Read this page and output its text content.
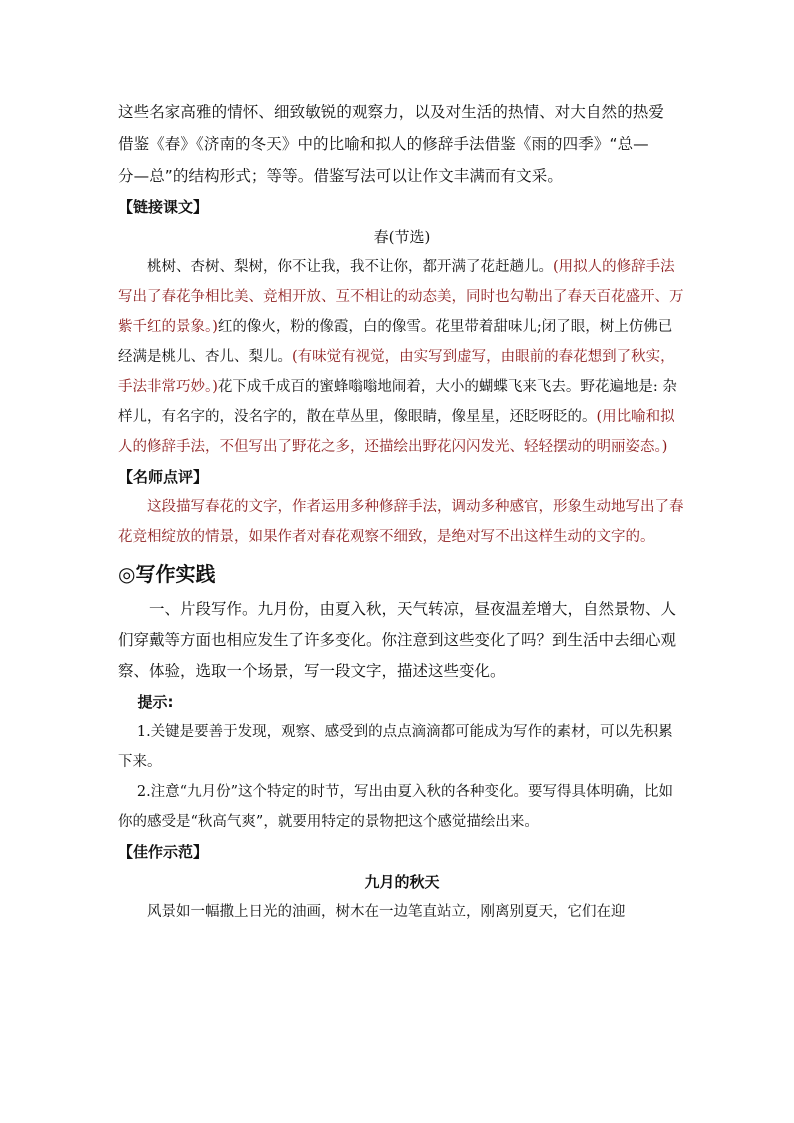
这些名家高雅的情怀、细致敏锐的观察力，以及对生活的热情、对大自然的热爱

借鉴《春》《济南的冬天》中的比喻和拟人的修辞手法借鉴《雨的四季》“总—

分—总”的结构形式；等等。借鉴写法可以让作文丰满而有文采。

【链接课文】

春(节选)

桃树、杏树、梨树，你不让我，我不让你，都开满了花赶趟儿。(用拟人的修辞手法写出了春花争相比美、竞相开放、互不相让的动态美，同时也勾勒出了春天百花盛开、万紫千红的景象。)红的像火，粉的像霞，白的像雪。花里带着甜味儿;闭了眼，树上仿佛已经满是桃儿、杏儿、梨儿。(有味觉有视觉，由实写到虚写，由眼前的春花想到了秋实，手法非常巧妙。)花下成千成百的蜜蜂嗡嗡地闹着，大小的蝴蝶飞来飞去。野花遍地是: 杂样儿，有名字的，没名字的，散在草丛里，像眼睛，像星星，还眨呀眨的。(用比喻和拟人的修辞手法，不但写出了野花之多，还描绘出野花闪闪发光、轻轻摆动的明丽姿态。)

【名师点评】

这段描写春花的文字，作者运用多种修辞手法，调动多种感官，形象生动地写出了春花竞相绽放的情景，如果作者对春花观察不细致，是绝对写不出这样生动的文字的。

◎写作实践

一、片段写作。九月份，由夏入秋，天气转凉，昼夜温差增大，自然景物、人们穿戴等方面也相应发生了许多变化。你注意到这些变化了吗？到生活中去细心观察、体验，选取一个场景，写一段文字，描述这些变化。

提示:

1.关键是要善于发现，观察、感受到的点点滴滴都可能成为写作的素材，可以先积累下来。

2.注意“九月份”这个特定的时节，写出由夏入秋的各种变化。要写得具体明确，比如你的感受是“秋高气爽”，就要用特定的景物把这个感觉描绘出来。

【佳作示范】

九月的秋天

风景如一幅撒上日光的油画，树木在一边笔直站立，刚离别夏天，它们在迎
